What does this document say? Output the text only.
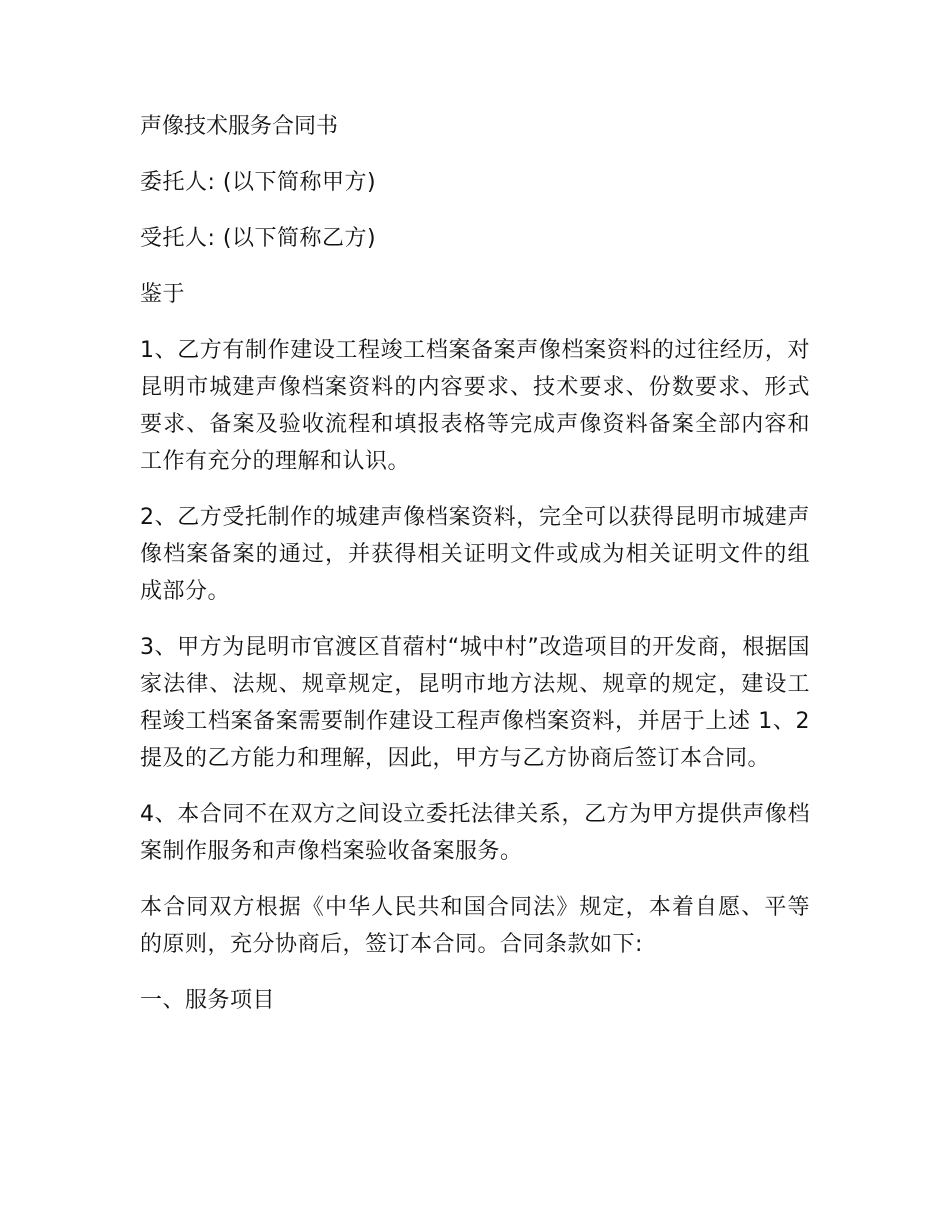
声像技术服务合同书

委托人: (以下简称甲方)

受托人: (以下简称乙方)

鉴于

1、乙方有制作建设工程竣工档案备案声像档案资料的过往经历，对昆明市城建声像档案资料的内容要求、技术要求、份数要求、形式要求、备案及验收流程和填报表格等完成声像资料备案全部内容和工作有充分的理解和认识。

2、乙方受托制作的城建声像档案资料，完全可以获得昆明市城建声像档案备案的通过，并获得相关证明文件或成为相关证明文件的组成部分。

3、甲方为昆明市官渡区苜蓿村“城中村”改造项目的开发商，根据国家法律、法规、规章规定，昆明市地方法规、规章的规定，建设工程竣工档案备案需要制作建设工程声像档案资料，并居于上述 1、2 提及的乙方能力和理解，因此，甲方与乙方协商后签订本合同。

4、本合同不在双方之间设立委托法律关系，乙方为甲方提供声像档案制作服务和声像档案验收备案服务。

本合同双方根据《中华人民共和国合同法》规定，本着自愿、平等的原则，充分协商后，签订本合同。合同条款如下:

一、服务项目
